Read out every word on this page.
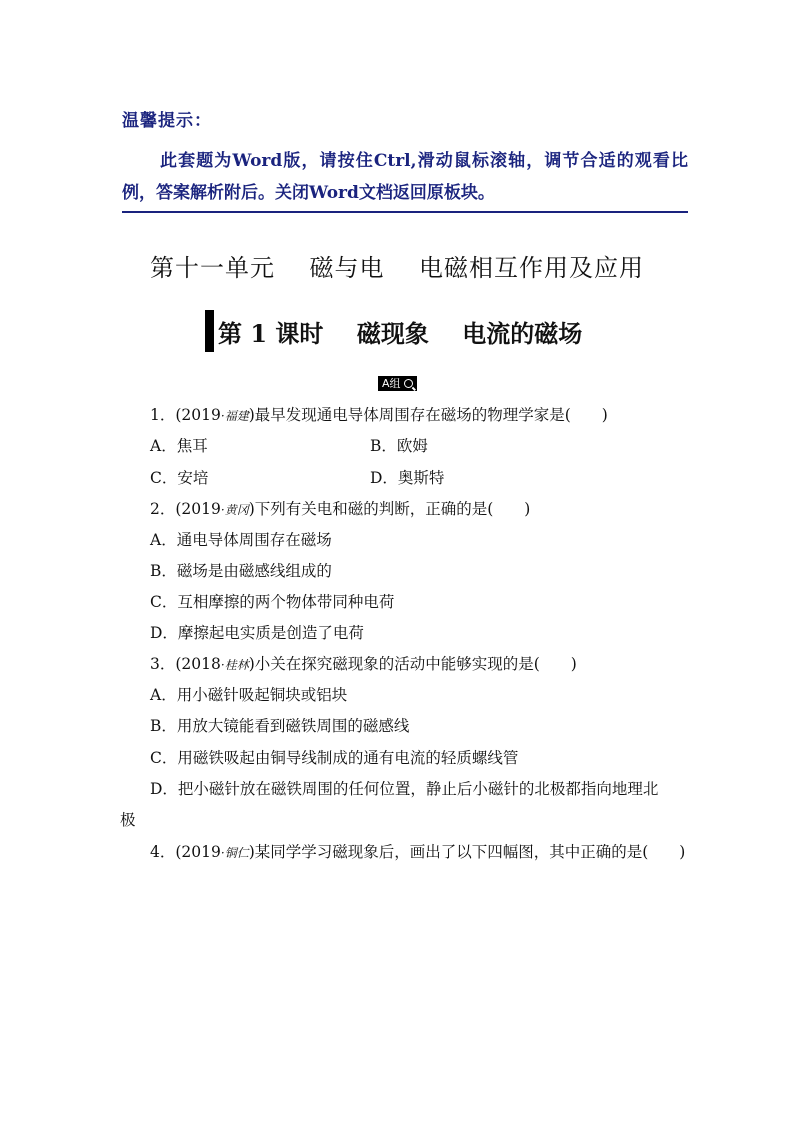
温馨提示：
此套题为Word版，请按住Ctrl,滑动鼠标滚轴，调节合适的观看比例，答案解析附后。关闭Word文档返回原板块。
第十一单元    磁与电    电磁相互作用及应用
第 1 课时    磁现象    电流的磁场
A组
1．(2019·福建)最早发现通电导体周围存在磁场的物理学家是(　　)
A．焦耳	B．欧姆
C．安培	D．奥斯特
2．(2019·黄冈)下列有关电和磁的判断，正确的是(　　)
A．通电导体周围存在磁场
B．磁场是由磁感线组成的
C．互相摩擦的两个物体带同种电荷
D．摩擦起电实质是创造了电荷
3．(2018·桂林)小关在探究磁现象的活动中能够实现的是(　　)
A．用小磁针吸起铜块或铝块
B．用放大镜能看到磁铁周围的磁感线
C．用磁铁吸起由铜导线制成的通有电流的轻质螺线管
D．把小磁针放在磁铁周围的任何位置，静止后小磁针的北极都指向地理北
极
4．(2019·铜仁)某同学学习磁现象后，画出了以下四幅图，其中正确的是(　　)
